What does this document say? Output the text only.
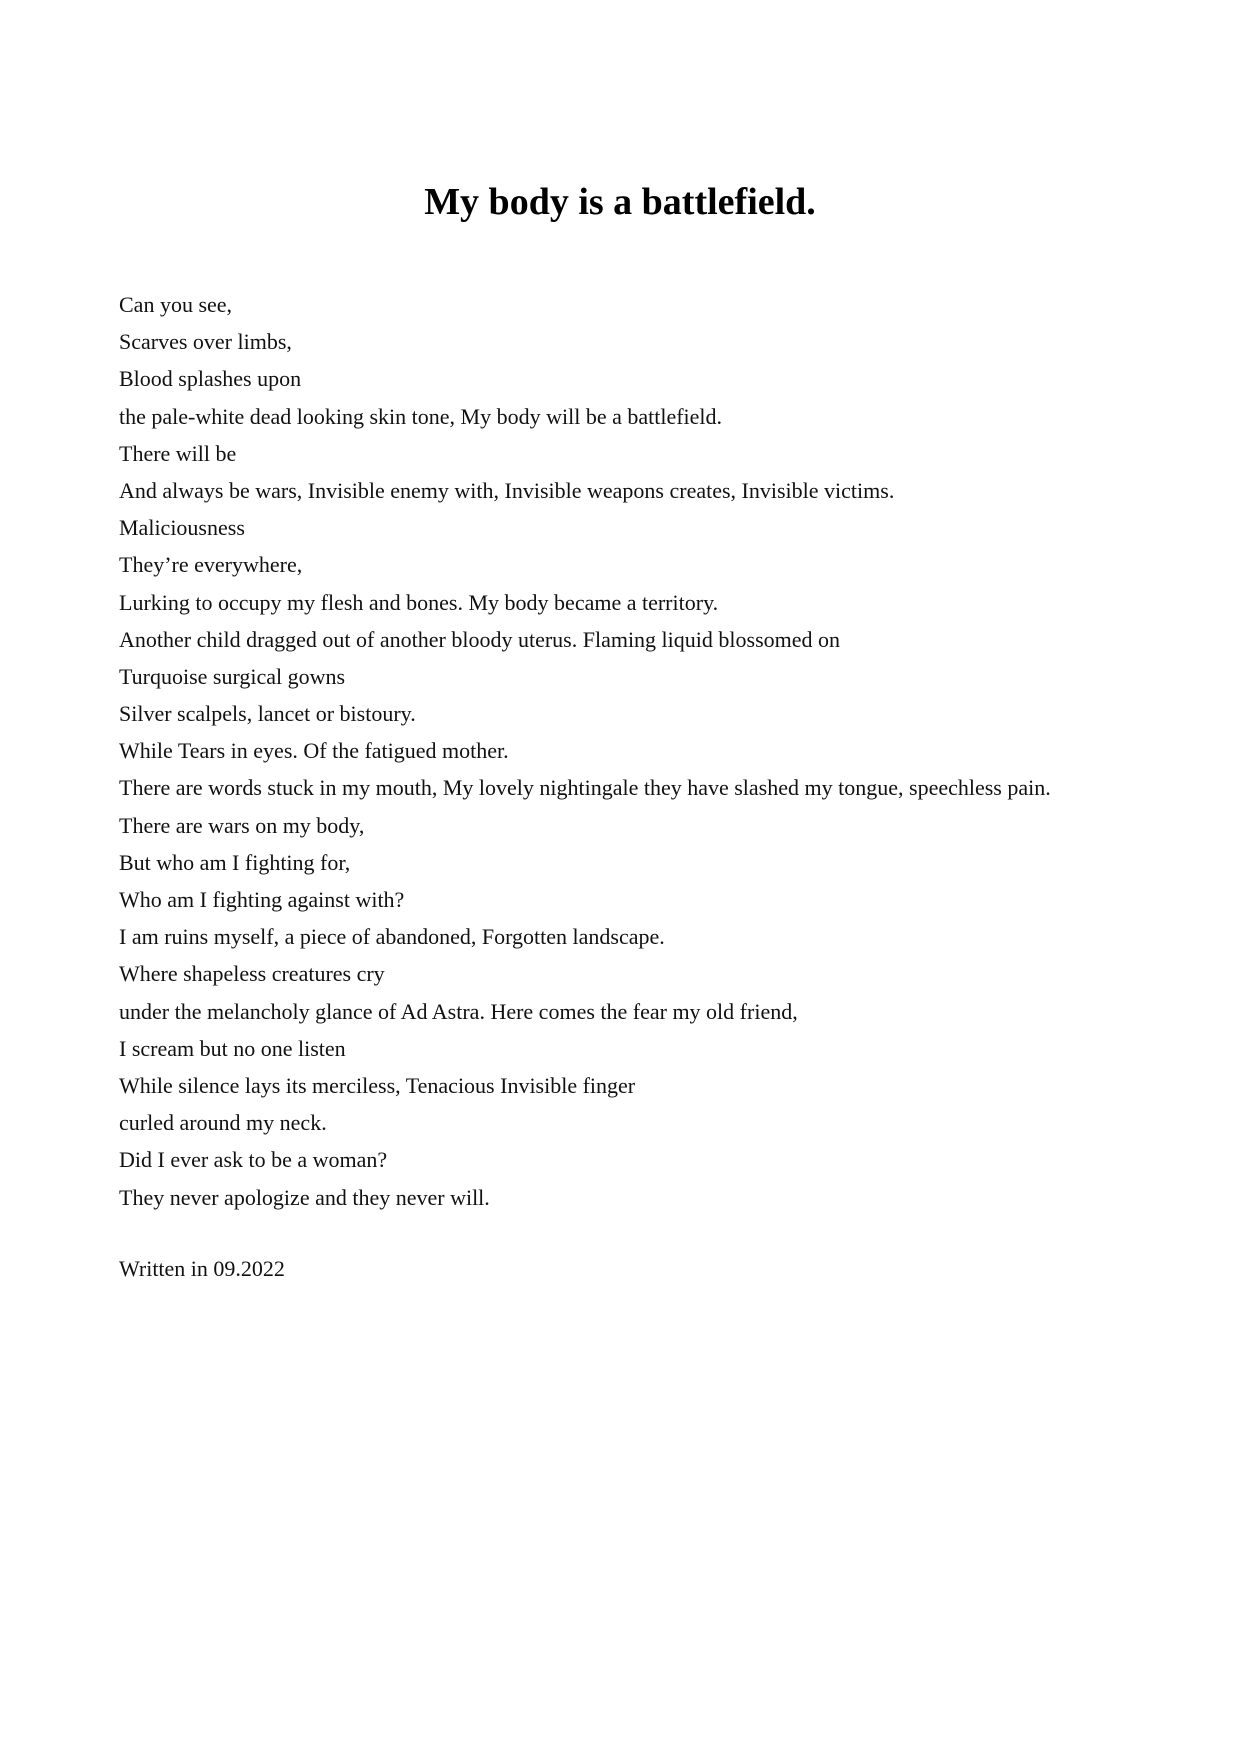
My body is a battlefield.
Can you see,
Scarves over limbs,
Blood splashes upon
the pale-white dead looking skin tone, My body will be a battlefield.
There will be
And always be wars, Invisible enemy with, Invisible weapons creates, Invisible victims.
Maliciousness
They’re everywhere,
Lurking to occupy my flesh and bones. My body became a territory.
Another child dragged out of another bloody uterus. Flaming liquid blossomed on
Turquoise surgical gowns
Silver scalpels, lancet or bistoury.
While Tears in eyes. Of the fatigued mother.
There are words stuck in my mouth, My lovely nightingale they have slashed my tongue, speechless pain.
There are wars on my body,
But who am I fighting for,
Who am I fighting against with?
I am ruins myself, a piece of abandoned, Forgotten landscape.
Where shapeless creatures cry
under the melancholy glance of Ad Astra. Here comes the fear my old friend,
I scream but no one listen
While silence lays its merciless, Tenacious Invisible finger
curled around my neck.
Did I ever ask to be a woman?
They never apologize and they never will.

Written in 09.2022
